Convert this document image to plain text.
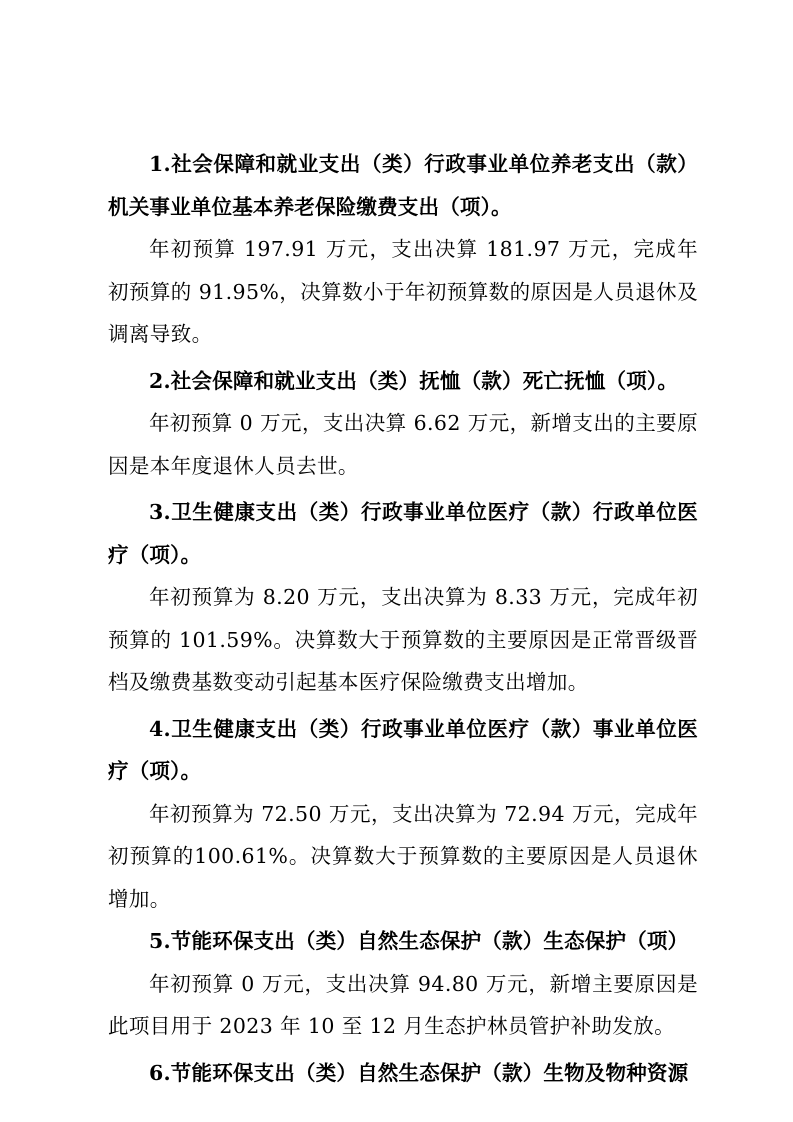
1.社会保障和就业支出（类）行政事业单位养老支出（款）机关事业单位基本养老保险缴费支出（项）。

年初预算 197.91 万元，支出决算 181.97 万元，完成年初预算的 91.95%，决算数小于年初预算数的原因是人员退休及调离导致。

2.社会保障和就业支出（类）抚恤（款）死亡抚恤（项）。

年初预算 0 万元，支出决算 6.62 万元，新增支出的主要原因是本年度退休人员去世。

3.卫生健康支出（类）行政事业单位医疗（款）行政单位医疗（项）。

年初预算为 8.20 万元，支出决算为 8.33 万元，完成年初预算的 101.59%。决算数大于预算数的主要原因是正常晋级晋档及缴费基数变动引起基本医疗保险缴费支出增加。

4.卫生健康支出（类）行政事业单位医疗（款）事业单位医疗（项）。

年初预算为 72.50 万元，支出决算为 72.94 万元，完成年初预算的100.61%。决算数大于预算数的主要原因是人员退休增加。

5.节能环保支出（类）自然生态保护（款）生态保护（项）

年初预算 0 万元，支出决算 94.80 万元，新增主要原因是此项目用于 2023 年 10 至 12 月生态护林员管护补助发放。

6.节能环保支出（类）自然生态保护（款）生物及物种资源
